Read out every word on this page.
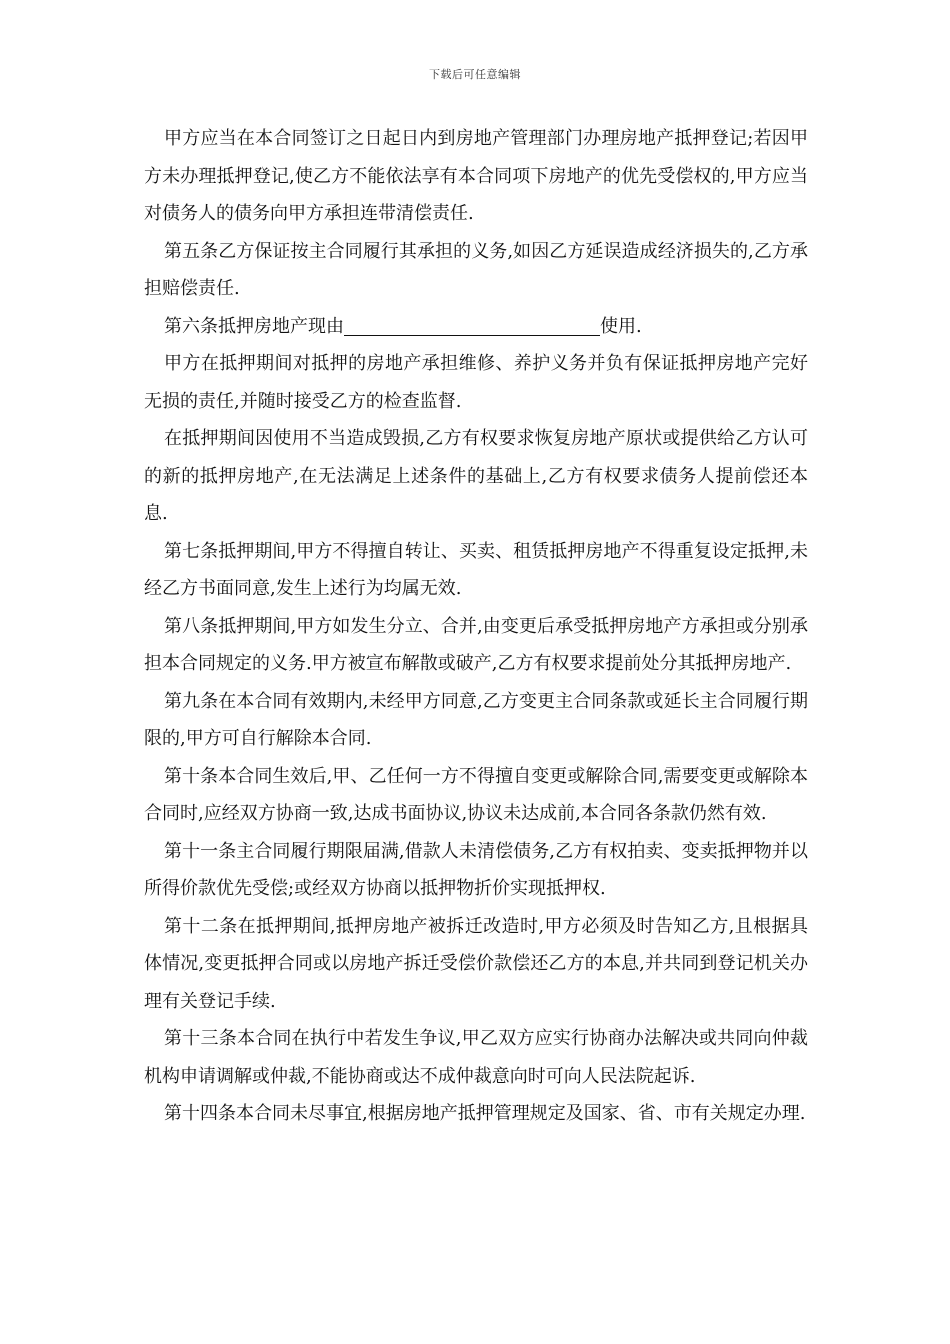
下载后可任意编辑

甲方应当在本合同签订之日起日内到房地产管理部门办理房地产抵押登记;若因甲方未办理抵押登记,使乙方不能依法享有本合同项下房地产的优先受偿权的,甲方应当对债务人的债务向甲方承担连带清偿责任.

第五条乙方保证按主合同履行其承担的义务,如因乙方延误造成经济损失的,乙方承担赔偿责任.

第六条抵押房地产现由	使用.

甲方在抵押期间对抵押的房地产承担维修、养护义务并负有保证抵押房地产完好无损的责任,并随时接受乙方的检查监督.

在抵押期间因使用不当造成毁损,乙方有权要求恢复房地产原状或提供给乙方认可的新的抵押房地产,在无法满足上述条件的基础上,乙方有权要求债务人提前偿还本息.

第七条抵押期间,甲方不得擅自转让、买卖、租赁抵押房地产不得重复设定抵押,未经乙方书面同意,发生上述行为均属无效.

第八条抵押期间,甲方如发生分立、合并,由变更后承受抵押房地产方承担或分别承担本合同规定的义务.甲方被宣布解散或破产,乙方有权要求提前处分其抵押房地产.

第九条在本合同有效期内,未经甲方同意,乙方变更主合同条款或延长主合同履行期限的,甲方可自行解除本合同.

第十条本合同生效后,甲、乙任何一方不得擅自变更或解除合同,需要变更或解除本合同时,应经双方协商一致,达成书面协议,协议未达成前,本合同各条款仍然有效.

第十一条主合同履行期限届满,借款人未清偿债务,乙方有权拍卖、变卖抵押物并以所得价款优先受偿;或经双方协商以抵押物折价实现抵押权.

第十二条在抵押期间,抵押房地产被拆迁改造时,甲方必须及时告知乙方,且根据具体情况,变更抵押合同或以房地产拆迁受偿价款偿还乙方的本息,并共同到登记机关办理有关登记手续.

第十三条本合同在执行中若发生争议,甲乙双方应实行协商办法解决或共同向仲裁机构申请调解或仲裁,不能协商或达不成仲裁意向时可向人民法院起诉.

第十四条本合同未尽事宜,根据房地产抵押管理规定及国家、省、市有关规定办理.
